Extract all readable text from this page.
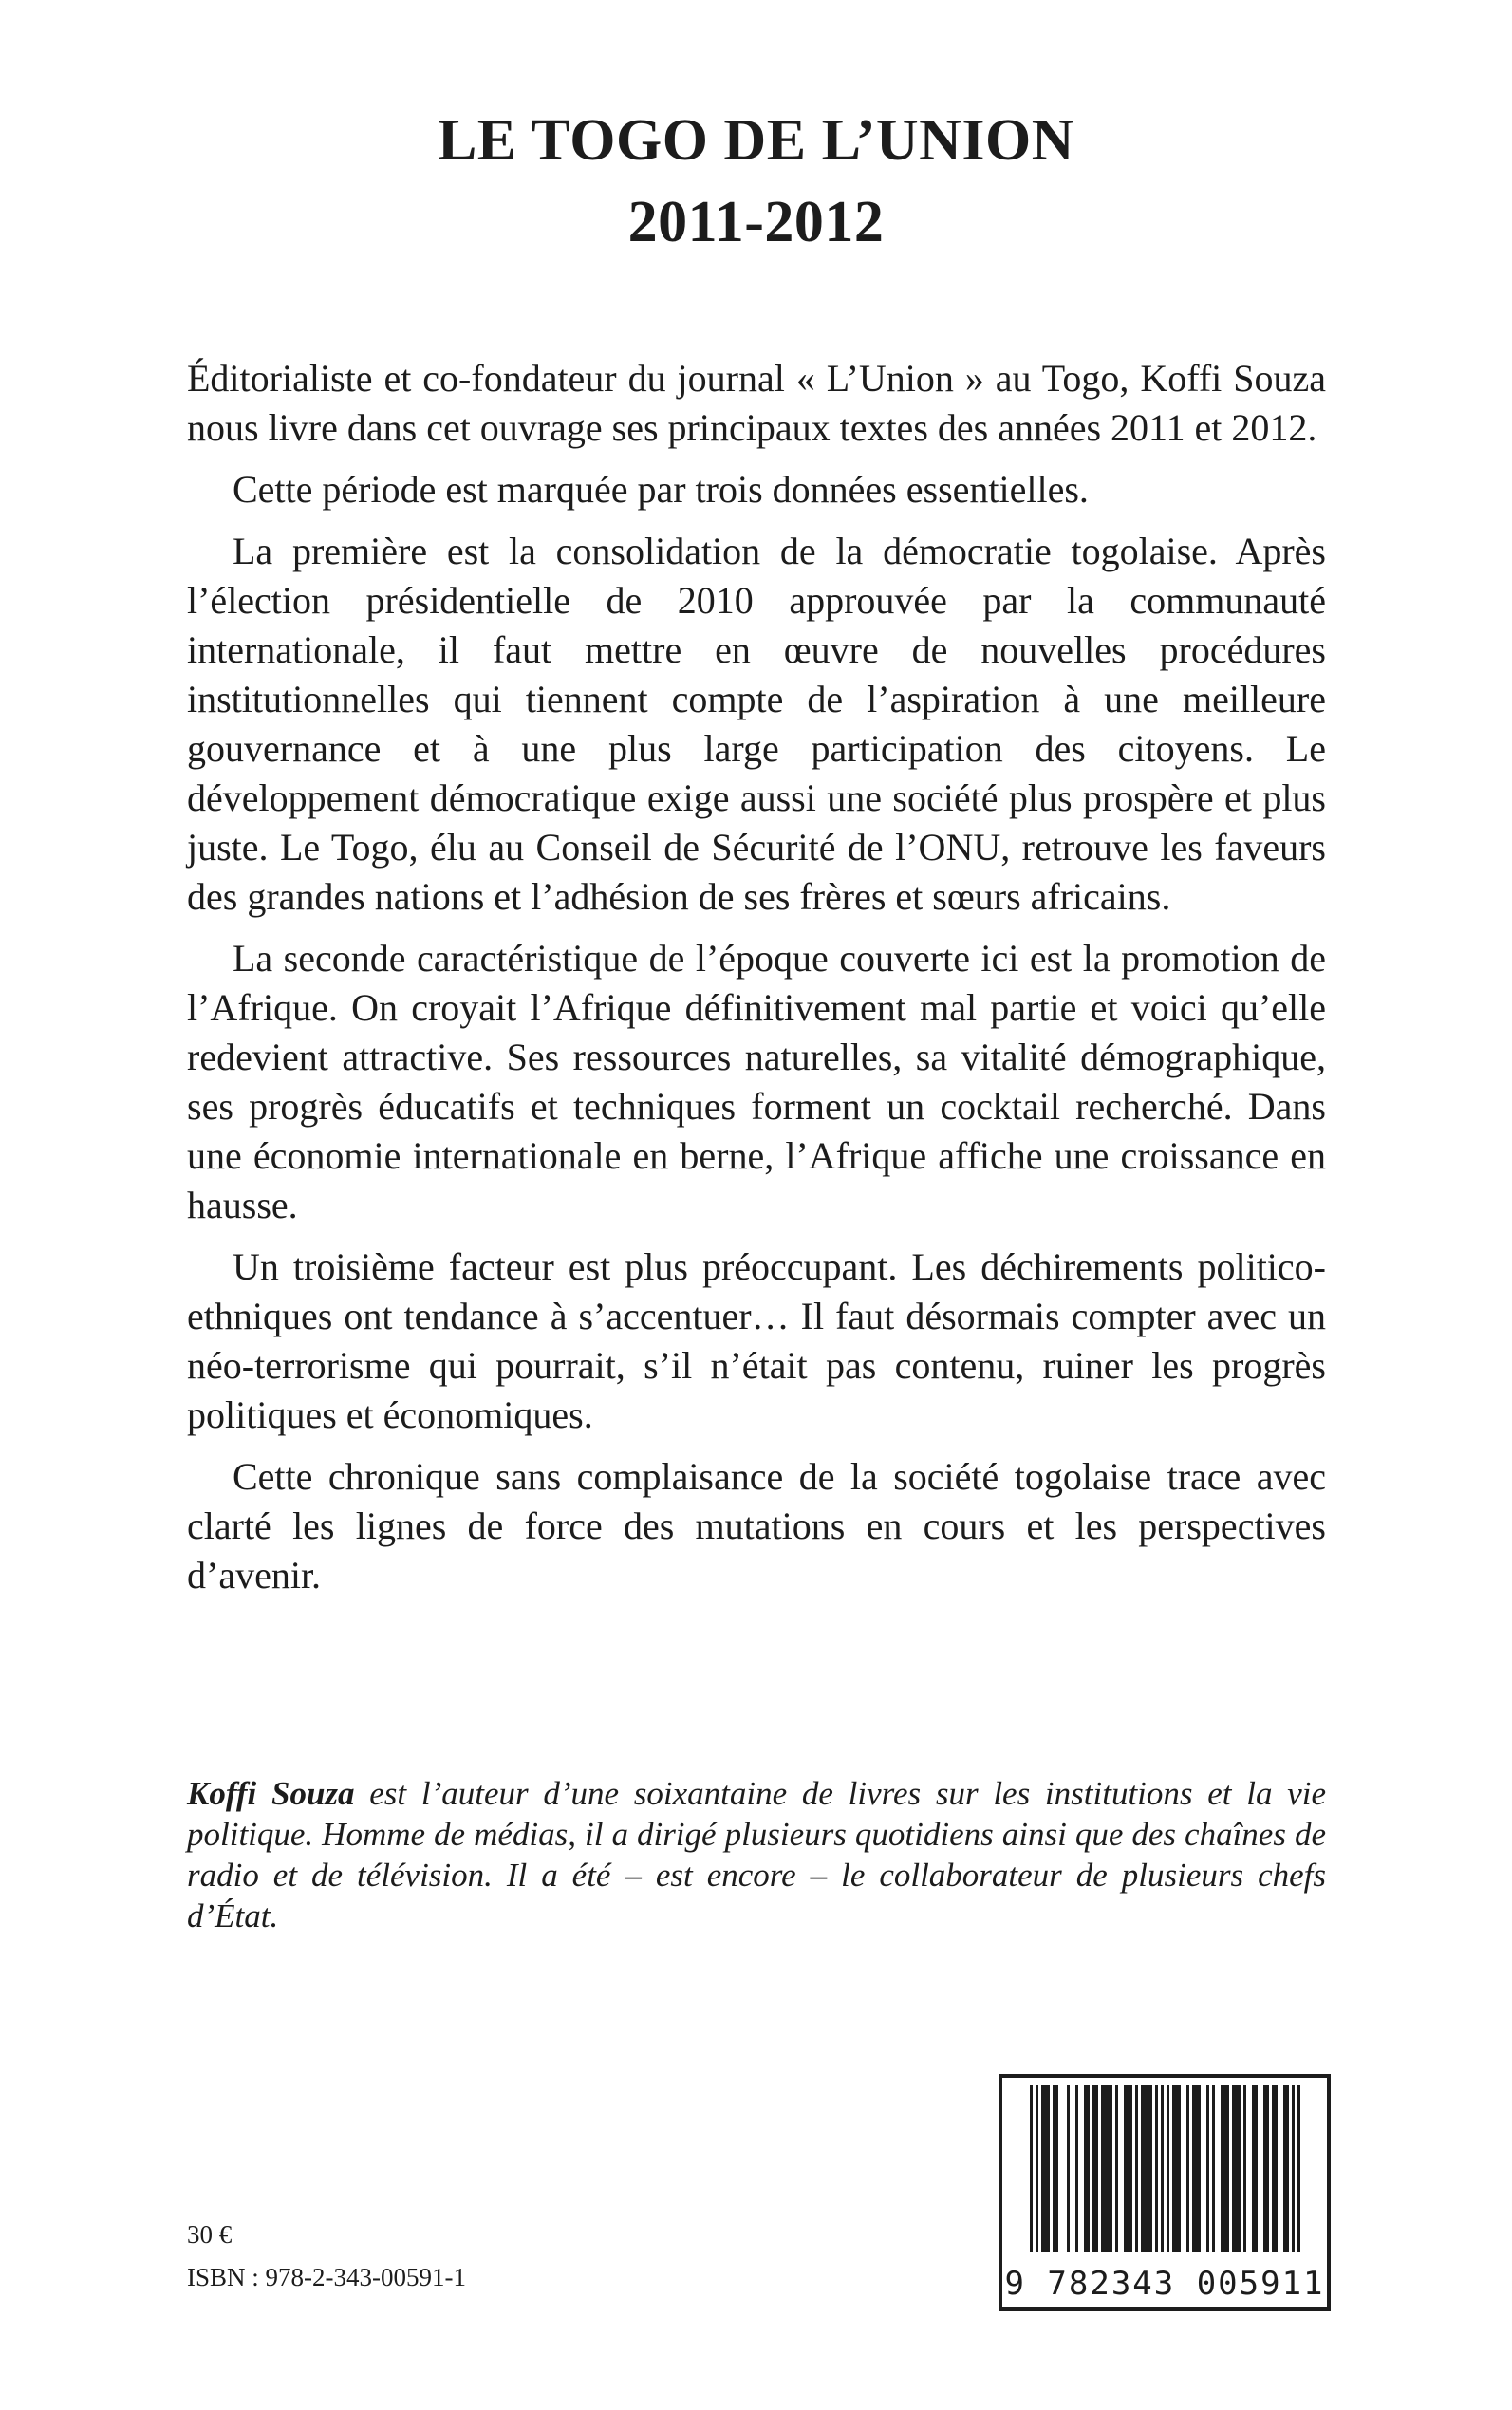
LE TOGO DE L’UNION
2011-2012

Éditorialiste et co-fondateur du journal « L’Union » au Togo, Koffi Souza nous livre dans cet ouvrage ses principaux textes des années 2011 et 2012.

Cette période est marquée par trois données essentielles.

La première est la consolidation de la démocratie togolaise. Après l’élection présidentielle de 2010 approuvée par la communauté internationale, il faut mettre en œuvre de nouvelles procédures institutionnelles qui tiennent compte de l’aspiration à une meilleure gouvernance et à une plus large participation des citoyens. Le développement démocratique exige aussi une société plus prospère et plus juste. Le Togo, élu au Conseil de Sécurité de l’ONU, retrouve les faveurs des grandes nations et l’adhésion de ses frères et sœurs africains.

La seconde caractéristique de l’époque couverte ici est la promotion de l’Afrique. On croyait l’Afrique définitivement mal partie et voici qu’elle redevient attractive. Ses ressources naturelles, sa vitalité démographique, ses progrès éducatifs et techniques forment un cocktail recherché. Dans une économie internationale en berne, l’Afrique affiche une croissance en hausse.

Un troisième facteur est plus préoccupant. Les déchirements politico-ethniques ont tendance à s’accentuer… Il faut désormais compter avec un néo-terrorisme qui pourrait, s’il n’était pas contenu, ruiner les progrès politiques et économiques.

Cette chronique sans complaisance de la société togolaise trace avec clarté les lignes de force des mutations en cours et les perspectives d’avenir.

Koffi Souza est l’auteur d’une soixantaine de livres sur les institutions et la vie politique. Homme de médias, il a dirigé plusieurs quotidiens ainsi que des chaînes de radio et de télévision. Il a été – est encore – le collaborateur de plusieurs chefs d’État.

30 €
ISBN : 978-2-343-00591-1	9 782343 005911
